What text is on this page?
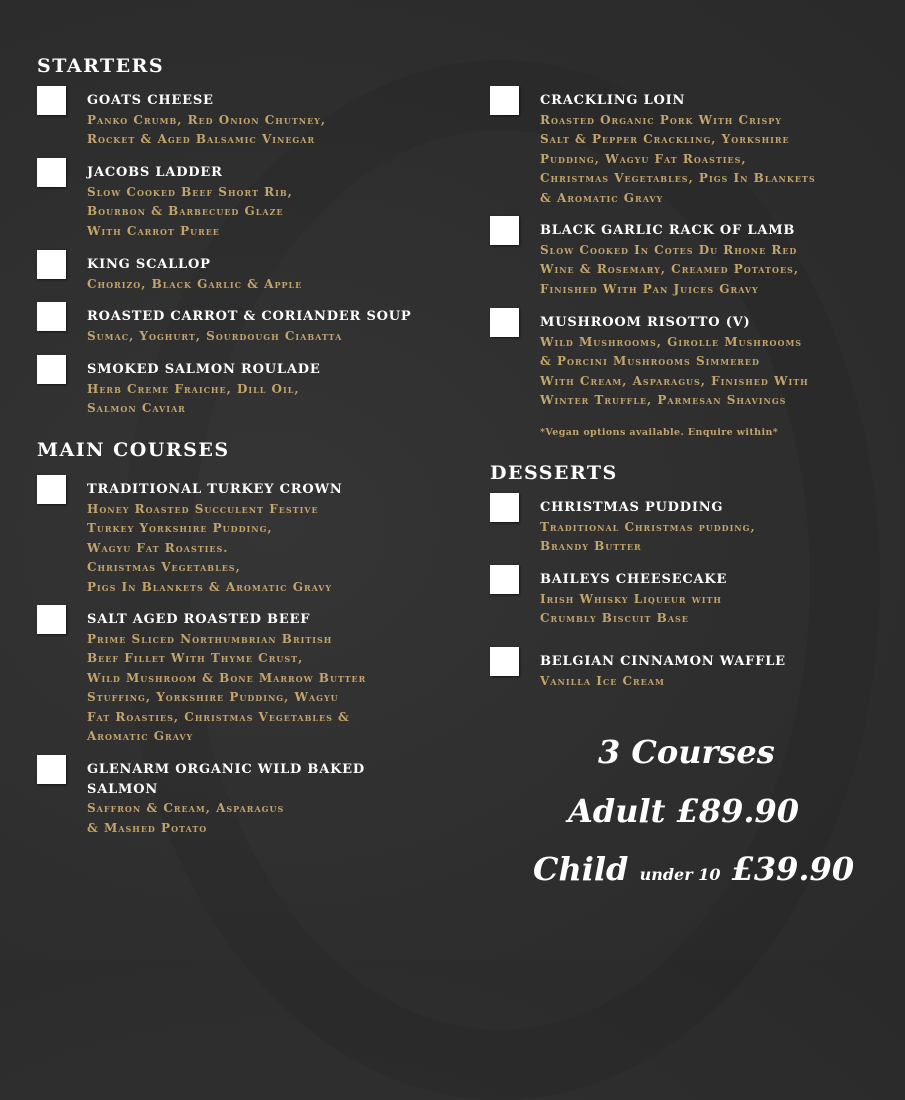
STARTERS
GOATS CHEESE
Panko Crumb, Red Onion Chutney,
Rocket & Aged Balsamic Vinegar
JACOBS LADDER
Slow Cooked Beef Short Rib,
Bourbon & Barbecued Glaze
With Carrot Puree
KING SCALLOP
Chorizo, Black Garlic & Apple
ROASTED CARROT & CORIANDER SOUP
Sumac, Yoghurt, Sourdough Ciabatta
SMOKED SALMON ROULADE
Herb Creme Fraiche, Dill Oil,
Salmon Caviar
MAIN COURSES
TRADITIONAL TURKEY CROWN
Honey Roasted Succulent Festive
Turkey Yorkshire Pudding,
Wagyu Fat Roasties.
Christmas Vegetables,
Pigs In Blankets & Aromatic Gravy
SALT AGED ROASTED BEEF
Prime Sliced Northumbrian British
Beef Fillet With Thyme Crust,
Wild Mushroom & Bone Marrow Butter
Stuffing, Yorkshire Pudding, Wagyu
Fat Roasties, Christmas Vegetables &
Aromatic Gravy
GLENARM ORGANIC WILD BAKED
SALMON
Saffron & Cream, Asparagus
& Mashed Potato
CRACKLING LOIN
Roasted Organic Pork With Crispy
Salt & Pepper Crackling, Yorkshire
Pudding, Wagyu Fat Roasties,
Christmas Vegetables, Pigs In Blankets
& Aromatic Gravy
BLACK GARLIC RACK OF LAMB
Slow Cooked In Cotes Du Rhone Red
Wine & Rosemary, Creamed Potatoes,
Finished With Pan Juices Gravy
MUSHROOM RISOTTO (V)
Wild Mushrooms, Girolle Mushrooms
& Porcini Mushrooms Simmered
With Cream, Asparagus, Finished With
Winter Truffle, Parmesan Shavings

*Vegan options available. Enquire within*

DESSERTS
CHRISTMAS PUDDING
Traditional Christmas pudding,
Brandy Butter
BAILEYS CHEESECAKE
Irish Whisky Liqueur with
Crumbly Biscuit Base
BELGIAN CINNAMON WAFFLE
Vanilla Ice Cream

3 Courses

Adult £89.90

Child under 10 £39.90
